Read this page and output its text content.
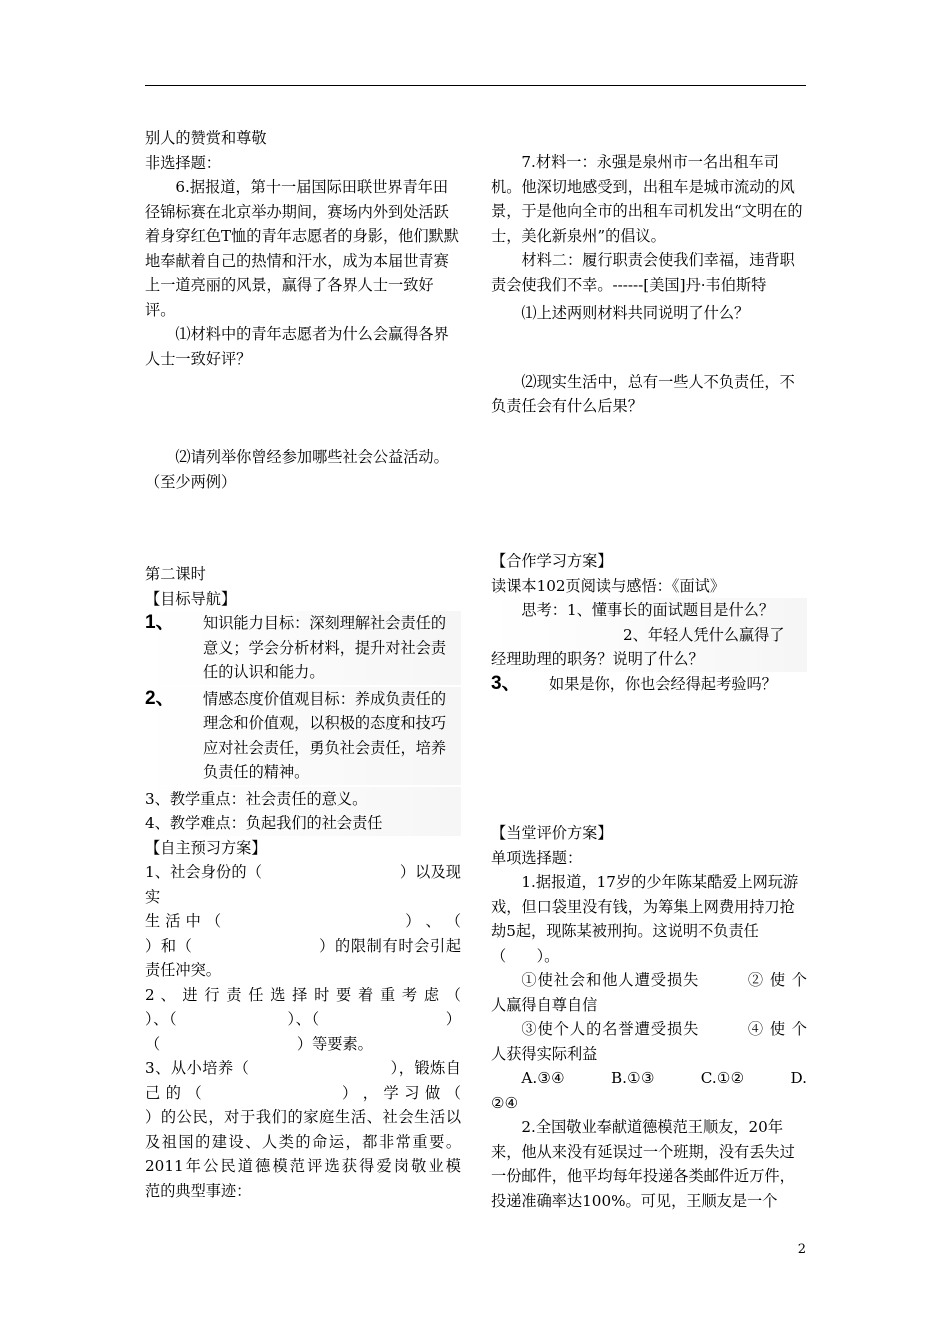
别人的赞赏和尊敬

非选择题：

6.据报道，第十一届国际田联世界青年田径锦标赛在北京举办期间，赛场内外到处活跃着身穿红色T恤的青年志愿者的身影，他们默默地奉献着自己的热情和汗水，成为本届世青赛上一道亮丽的风景，赢得了各界人士一致好评。

⑴材料中的青年志愿者为什么会赢得各界人士一致好评？

⑵请列举你曾经参加哪些社会公益活动。（至少两例）

第二课时

【目标导航】

1、	知识能力目标：深刻理解社会责任的意义；学会分析材料，提升对社会责任的认识和能力。
2、	情感态度价值观目标：养成负责任的理念和价值观，以积极的态度和技巧应对社会责任，勇负社会责任，培养负责任的精神。

3、教学重点：社会责任的意义。

4、教学难点：负起我们的社会责任

【自主预习方案】

1、社会身份的（　　　　　　　　　）以及现实

生 活 中 （　　　　　　　　　　　　） 、 （

）和（　　　　　　　　）的限制有时会引起

责任冲突。

2 、 进 行 责 任 选 择 时 要 着 重 考 虑 （

）、（　　　　　　　）、（　　　　　　　　）

（　　　　　　　　　）等要素。

3、从小培养（　　　　　　　　　），锻炼自

己 的 （　　　　　　　　　） ， 学 习 做 （

）的公民，对于我们的家庭生活、社会生活以

及祖国的建设、人类的命运，都非常重要。

2011年公民道德模范评选获得爱岗敬业模

范的典型事迹：

7.材料一：永强是泉州市一名出租车司机。他深切地感受到，出租车是城市流动的风景，于是他向全市的出租车司机发出“文明在的士，美化新泉州”的倡议。

材料二：履行职责会使我们幸福，违背职责会使我们不幸。------[美国]丹·韦伯斯特

⑴上述两则材料共同说明了什么？

⑵现实生活中，总有一些人不负责任，不负责任会有什么后果？

【合作学习方案】

读课本102页阅读与感悟：《面试》

思考：1、懂事长的面试题目是什么？

2、年轻人凭什么赢得了

经理助理的职务？说明了什么？

3、	如果是你，你也会经得起考验吗？

【当堂评价方案】

单项选择题：

1.据报道，17岁的少年陈某酷爱上网玩游戏，但口袋里没有钱，为筹集上网费用持刀抢劫5起，现陈某被刑拘。这说明不负责任（　　）。

①使社会和他人遭受损失　　　② 使 个

人赢得自尊自信

③使个人的名誉遭受损失　　　④ 使 个

人获得实际利益

A.③④　　　B.①③　　　C.①②　　　D.

②④

2.全国敬业奉献道德模范王顺友，20年来，他从来没有延误过一个班期，没有丢失过一份邮件，他平均每年投递各类邮件近万件，投递准确率达100%。可见，王顺友是一个

2
